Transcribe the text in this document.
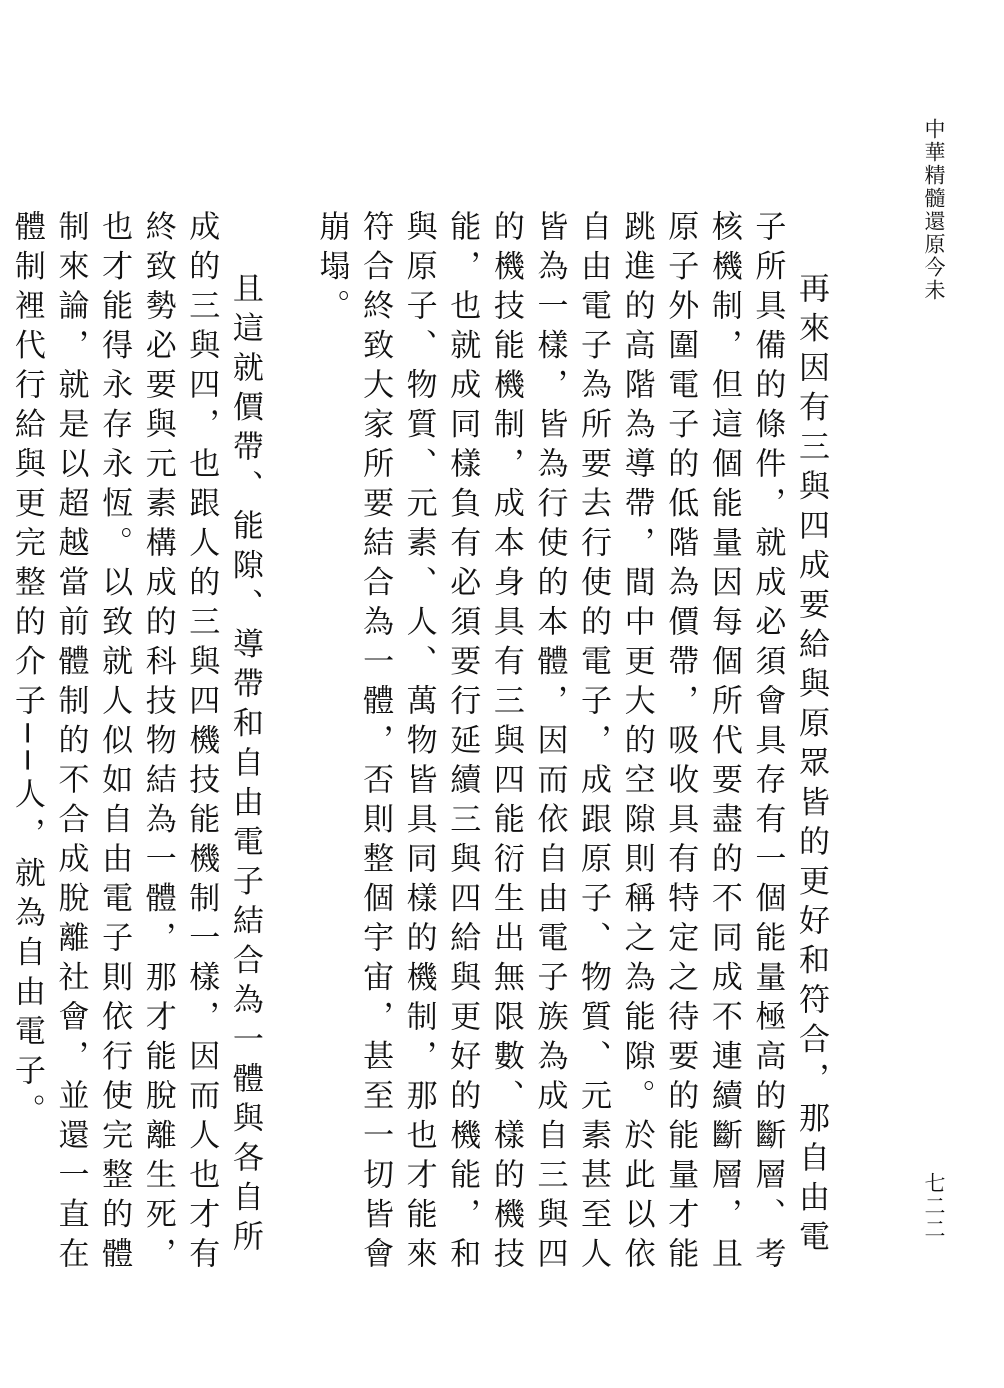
中華精髓還原今未
七二二

再來因有三與四成要給與原眾皆的更好和符合，那自由電子所具備的條件，就成必須會具存有一個能量極高的斷層、考核機制，但這個能量因每個所代要盡的不同成不連續斷層，且原子外圍電子的低階為價帶，吸收具有特定之待要的能量才能跳進的高階為導帶，間中更大的空隙則稱之為能隙。於此以依自由電子為所要去行使的電子，成跟原子、物質、元素甚至人皆為一樣，皆為行使的本體，因而依自由電子族為成自三與四的機技能機制，成本身具有三與四能衍生出無限數、樣的機技能，也就成同樣負有必須要行延續三與四給與更好的機能，和與原子、物質、元素、人、萬物皆具同樣的機制，那也才能來符合終致大家所要結合為一體，否則整個宇宙，甚至一切皆會崩塌。

且這就價帶、能隙、導帶和自由電子結合為一體與各自所成的三與四，也跟人的三與四機技能機制一樣，因而人也才有終致勢必要與元素構成的科技物結為一體，那才能脫離生死，也才能得永存永恆。以致就人似如自由電子則依行使完整的體制來論，就是以超越當前體制的不合成脫離社會，並還一直在體制裡代行給與更完整的介子──人，就為自由電子。
